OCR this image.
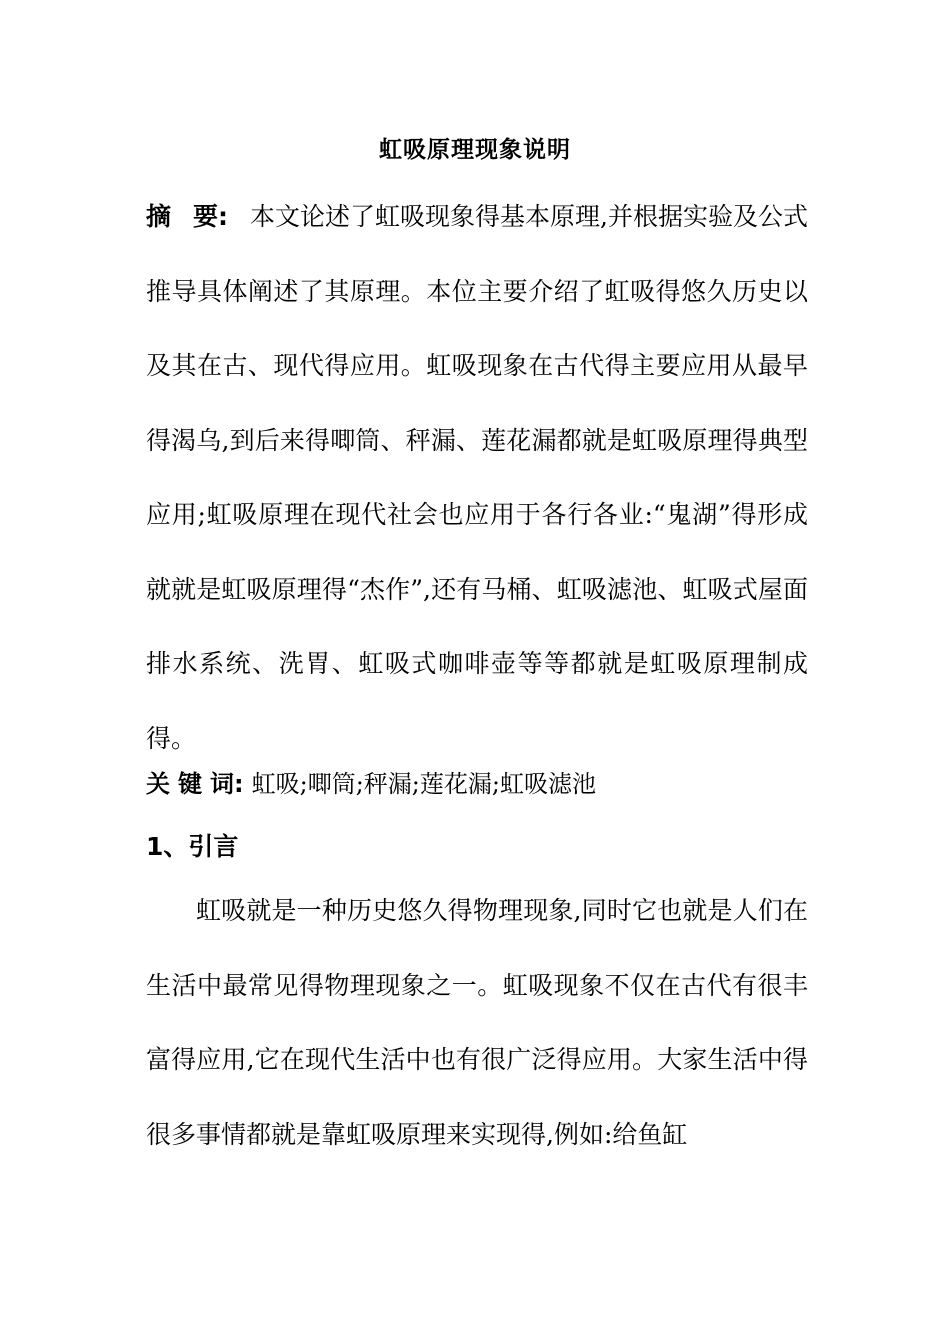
虹吸原理现象说明

摘要:本文论述了虹吸现象得基本原理,并根据实验及公式推导具体阐述了其原理。本位主要介绍了虹吸得悠久历史以及其在古、现代得应用。虹吸现象在古代得主要应用从最早得渴乌,到后来得唧筒、秤漏、莲花漏都就是虹吸原理得典型应用;虹吸原理在现代社会也应用于各行各业:“鬼湖”得形成就就是虹吸原理得“杰作”,还有马桶、虹吸滤池、虹吸式屋面排水系统、洗胃、虹吸式咖啡壶等等都就是虹吸原理制成得。

关键词:虹吸;唧筒;秤漏;莲花漏;虹吸滤池

1、引言

虹吸就是一种历史悠久得物理现象,同时它也就是人们在生活中最常见得物理现象之一。虹吸现象不仅在古代有很丰富得应用,它在现代生活中也有很广泛得应用。大家生活中得很多事情都就是靠虹吸原理来实现得,例如:给鱼缸
